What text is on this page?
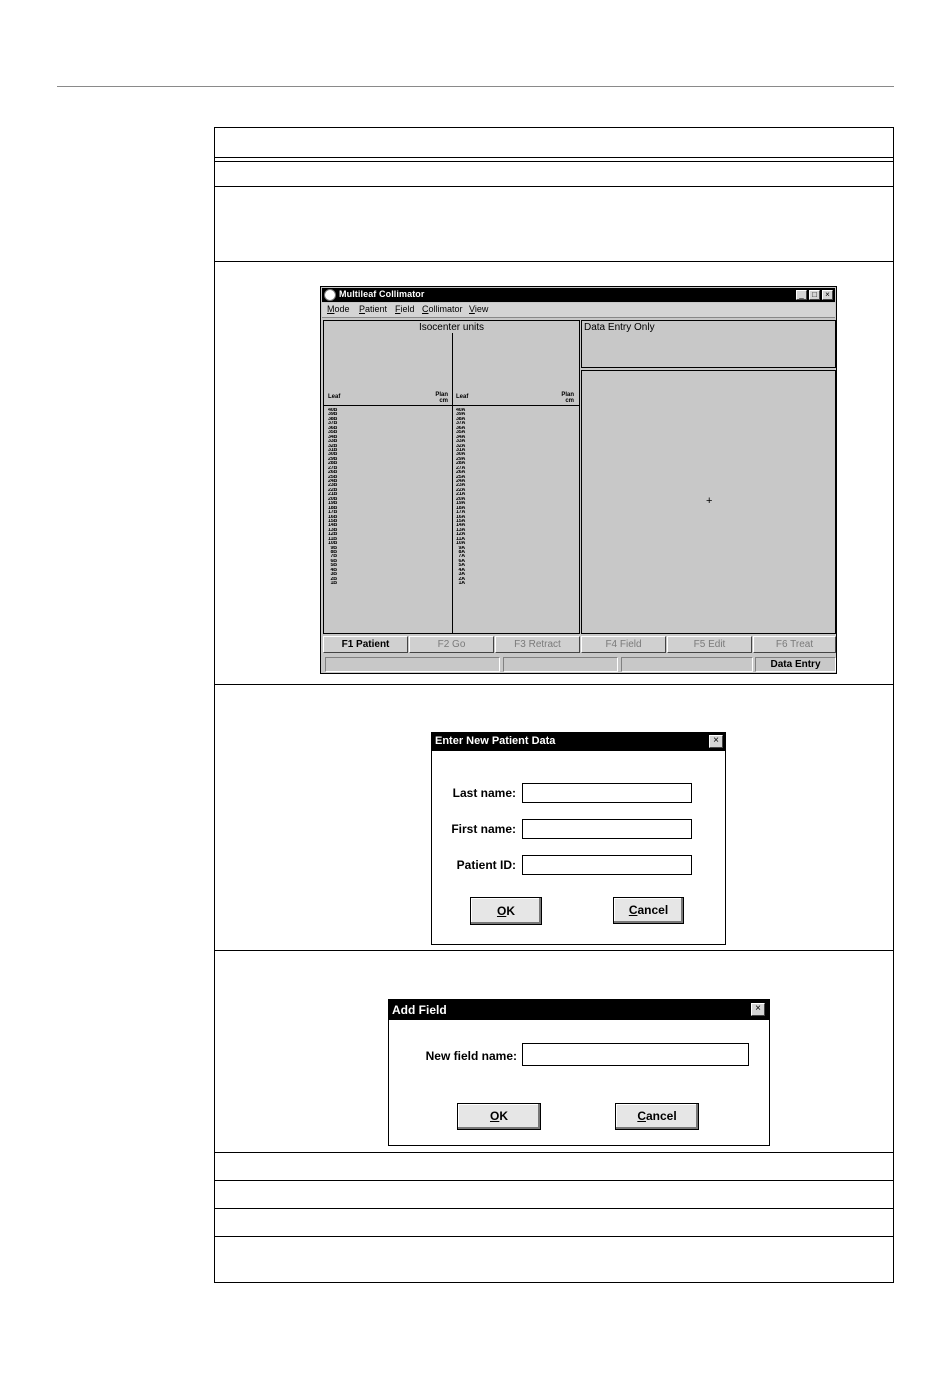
Multileaf Collimator	_	□	×
Mode Patient Field Collimator View
Isocenter units
Leaf	Plan
cm
Leaf	Plan
cm
40B
39B
38B
37B
36B
35B
34B
33B
32B
31B
30B
29B
28B
27B
26B
25B
24B
23B
22B
21B
20B
19B
18B
17B
16B
15B
14B
13B
12B
11B
10B
9B
8B
7B
6B
5B
4B
3B
2B
1B
40A
39A
38A
37A
36A
35A
34A
33A
32A
31A
30A
29A
28A
27A
26A
25A
24A
23A
22A
21A
20A
19A
18A
17A
16A
15A
14A
13A
12A
11A
10A
9A
8A
7A
6A
5A
4A
3A
2A
1A
Data Entry Only
+
F1 Patient	F2 Go	F3 Retract	F4 Field	F5 Edit	F6 Treat
Data Entry
Enter New Patient Data	×
Last name:
First name:
Patient ID:
OK	Cancel
Add Field	×
New field name:
OK	Cancel
